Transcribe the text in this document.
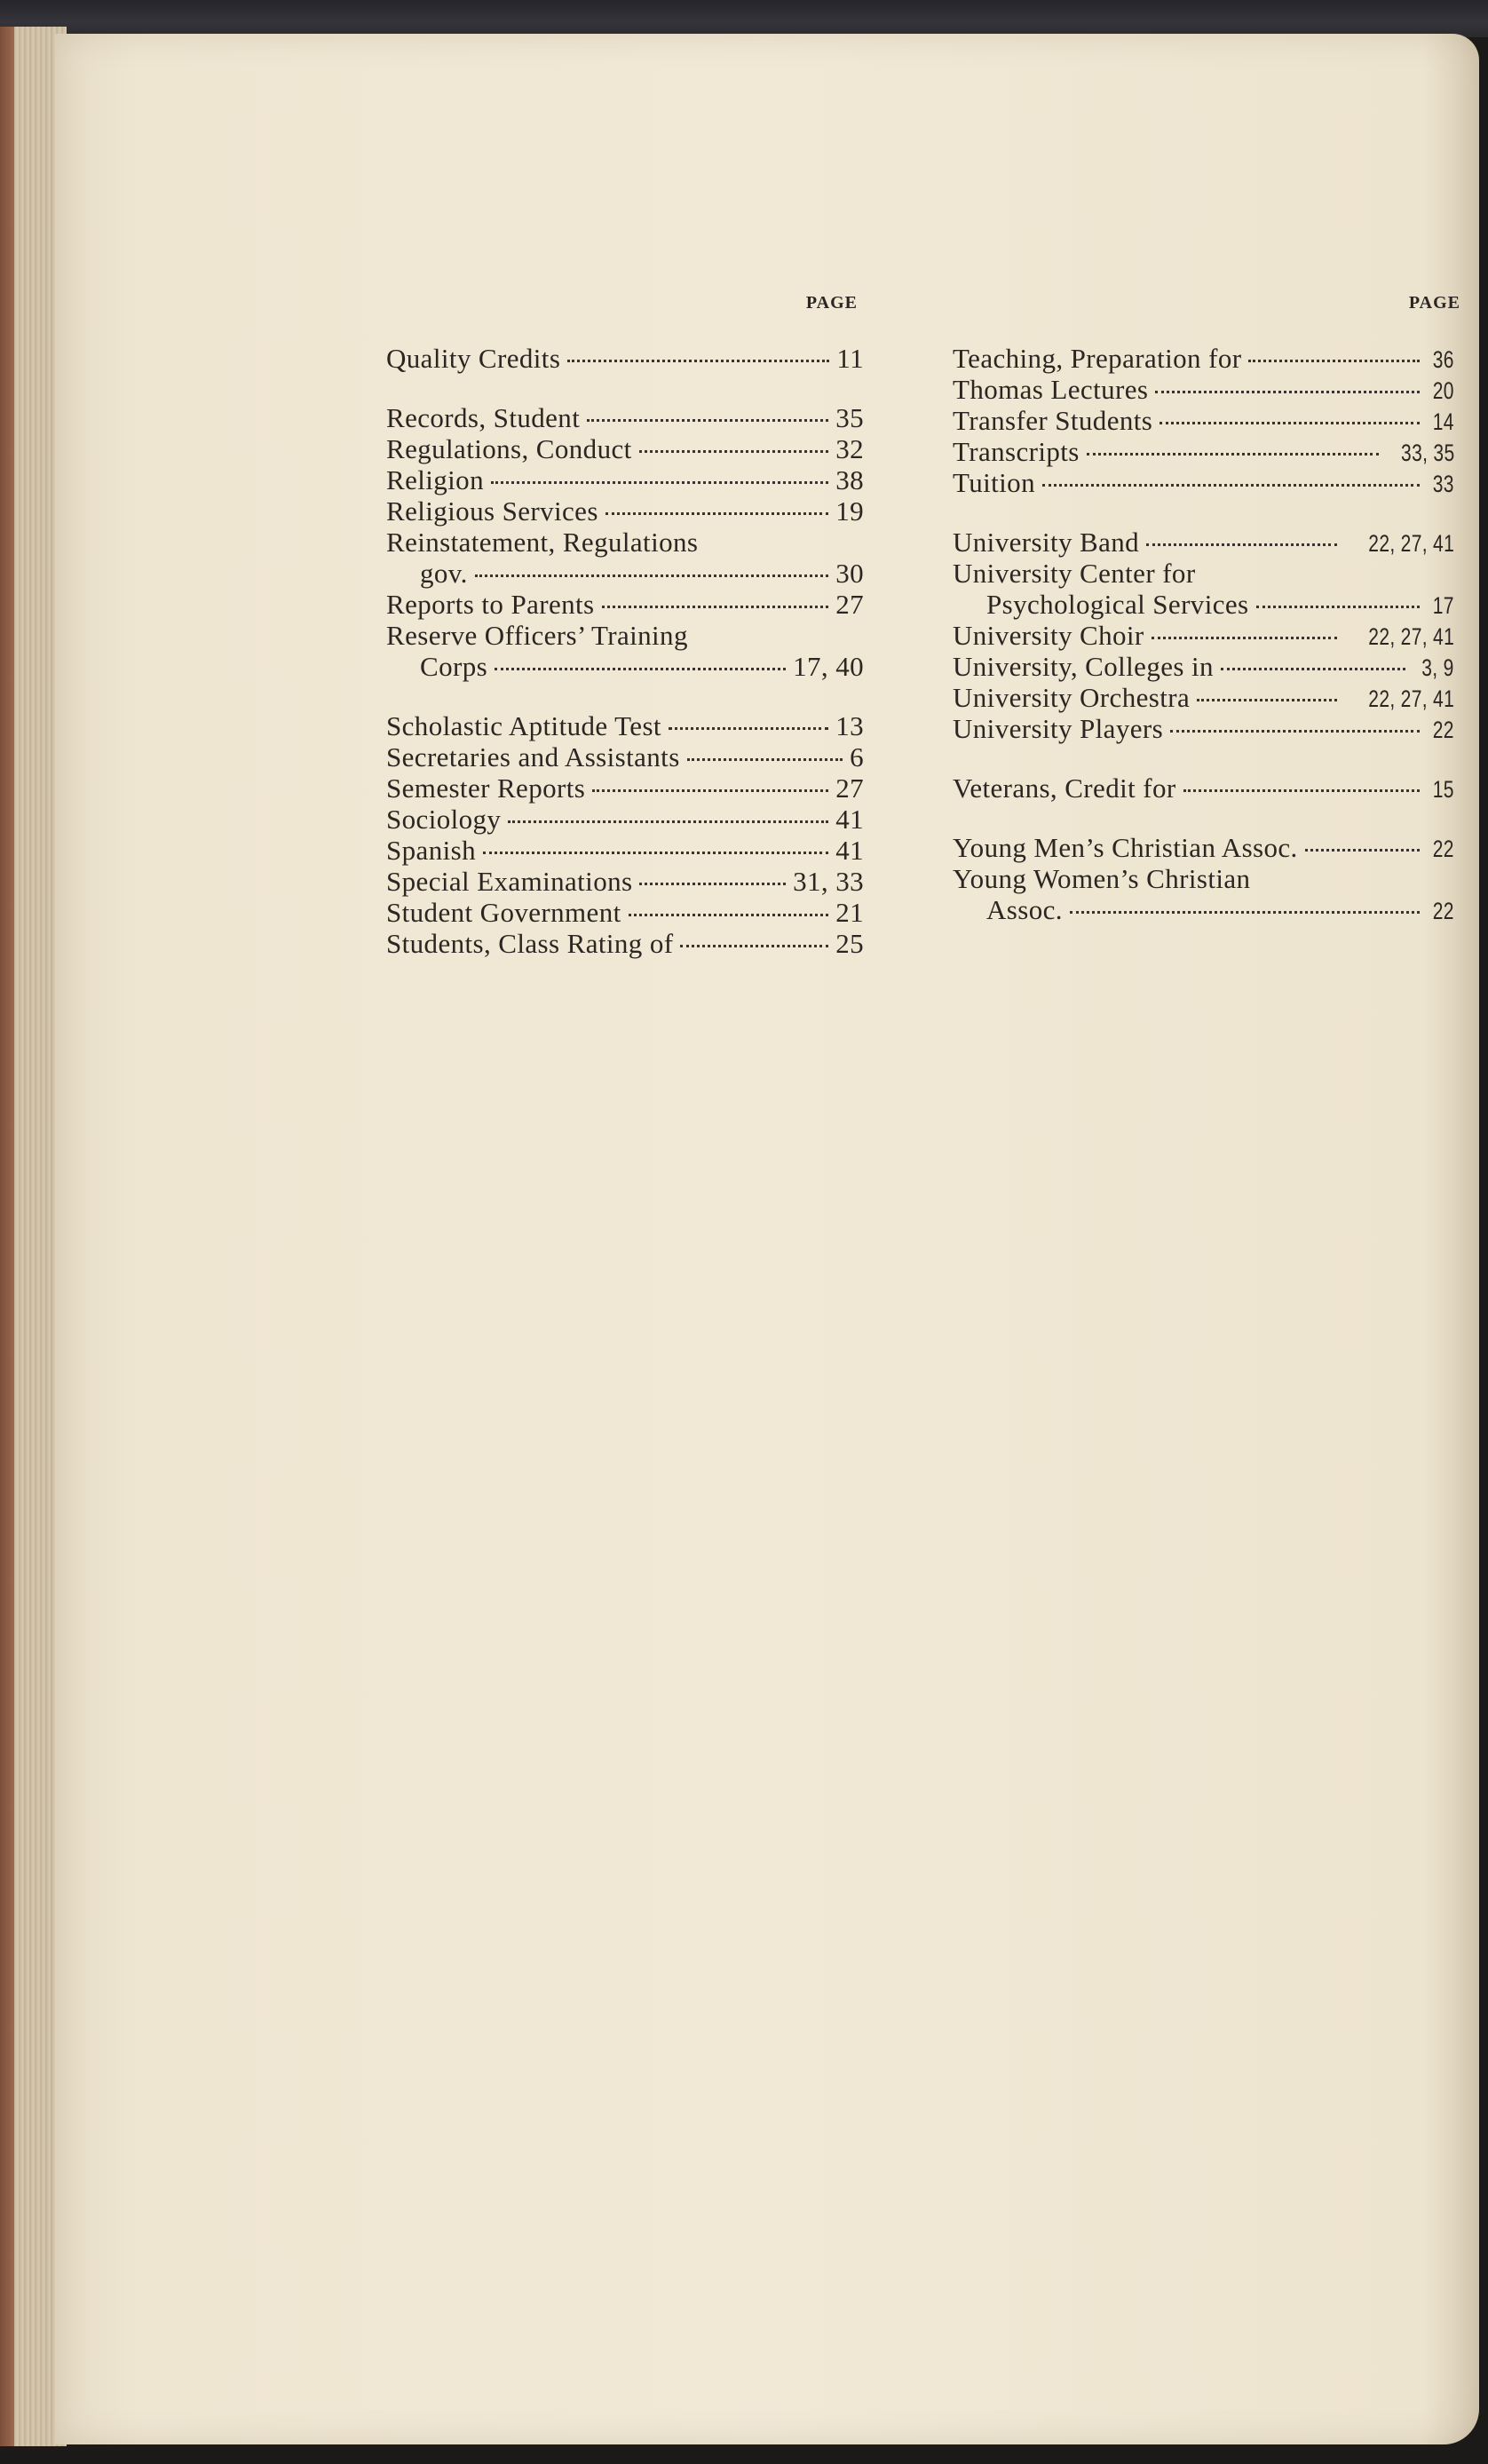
PAGE
Quality Credits	11
Records, Student	35
Regulations, Conduct	32
Religion	38
Religious Services	19
Reinstatement, Regulations
gov.	30
Reports to Parents	27
Reserve Officers’ Training
Corps	17, 40
Scholastic Aptitude Test	13
Secretaries and Assistants	6
Semester Reports	27
Sociology	41
Spanish	41
Special Examinations	31, 33
Student Government	21
Students, Class Rating of	25
PAGE
Teaching, Preparation for	36
Thomas Lectures	20
Transfer Students	14
Transcripts	33, 35
Tuition	33
University Band	22, 27, 41
University Center for
Psychological Services	17
University Choir	22, 27, 41
University, Colleges in	3, 9
University Orchestra	22, 27, 41
University Players	22
Veterans, Credit for	15
Young Men’s Christian Assoc.	22
Young Women’s Christian
Assoc.	22
